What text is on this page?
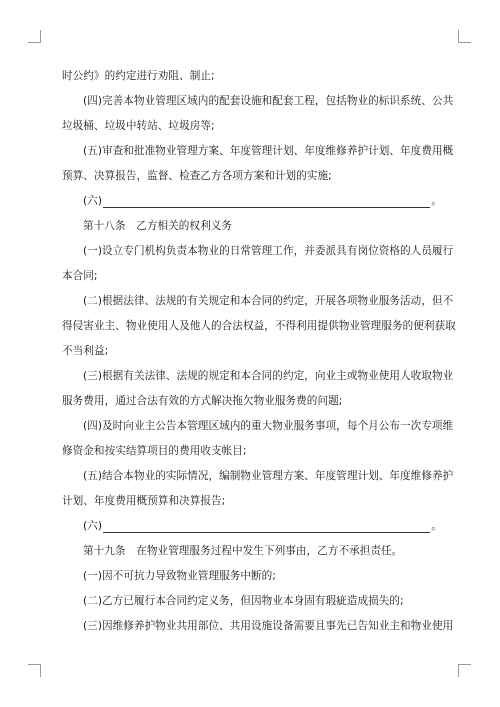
时公约》的约定进行劝阻、制止;
(四)完善本物业管理区域内的配套设施和配套工程，包括物业的标识系统、公共
垃圾桶、垃圾中转站、垃圾房等;
(五)审查和批准物业管理方案、年度管理计划、年度维修养护计划、年度费用概
预算、决算报告，监督、检查乙方各项方案和计划的实施;
(六)	。
第十八条　乙方相关的权利义务
(一)设立专门机构负责本物业的日常管理工作，并委派具有岗位资格的人员履行
本合同;
(二)根据法律、法规的有关规定和本合同的约定，开展各项物业服务活动，但不
得侵害业主、物业使用人及他人的合法权益，不得利用提供物业管理服务的便利获取
不当利益;
(三)根据有关法律、法规的规定和本合同的约定，向业主或物业使用人收取物业
服务费用，通过合法有效的方式解决拖欠物业服务费的问题;
(四)及时向业主公告本管理区域内的重大物业服务事项，每个月公布一次专项维
修资金和按实结算项目的费用收支帐目;
(五)结合本物业的实际情况，编制物业管理方案、年度管理计划、年度维修养护
计划、年度费用概预算和决算报告;
(六)	。
第十九条　在物业管理服务过程中发生下列事由，乙方不承担责任。
(一)因不可抗力导致物业管理服务中断的;
(二)乙方已履行本合同约定义务，但因物业本身固有瑕疵造成损失的;
(三)因维修养护物业共用部位、共用设施设备需要且事先已告知业主和物业使用
